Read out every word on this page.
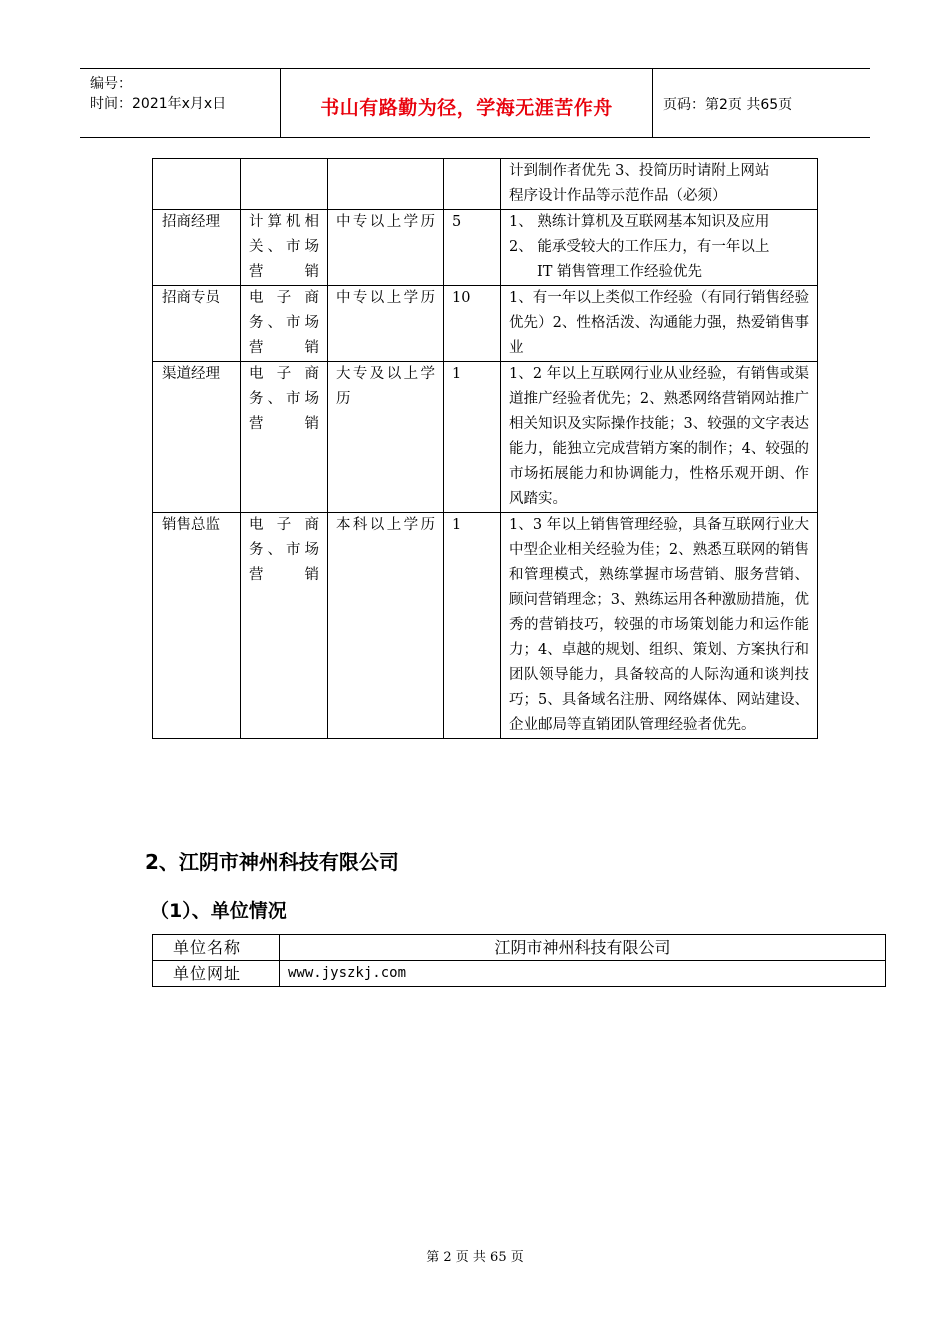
编号：
时间：2021年x月x日	书山有路勤为径，学海无涯苦作舟	页码：第2页 共65页

				计到制作者优先 3、投简历时请附上网站
程序设计作品等示范作品（必须）

招商经理	计算机相关、市场营销	中专以上学历	5	1、 熟练计算机及互联网基本知识及应用
2、 能承受较大的工作压力，有一年以上
IT 销售管理工作经验优先

招商专员	电子商务、市场营销	中专以上学历	10	1、有一年以上类似工作经验（有同行销售经验优先）2、性格活泼、沟通能力强，热爱销售事业

渠道经理	电子商务、市场营销	大专及以上学历	1	1、2 年以上互联网行业从业经验，有销售或渠道推广经验者优先；2、熟悉网络营销网站推广相关知识及实际操作技能；3、较强的文字表达能力，能独立完成营销方案的制作；4、较强的市场拓展能力和协调能力，性格乐观开朗、作风踏实。

销售总监	电子商务、市场营销	本科以上学历	1	1、3 年以上销售管理经验，具备互联网行业大中型企业相关经验为佳；2、熟悉互联网的销售和管理模式，熟练掌握市场营销、服务营销、顾问营销理念；3、熟练运用各种激励措施，优秀的营销技巧，较强的市场策划能力和运作能力；4、卓越的规划、组织、策划、方案执行和团队领导能力，具备较高的人际沟通和谈判技巧；5、具备域名注册、网络媒体、网站建设、企业邮局等直销团队管理经验者优先。
2、江阴市神州科技有限公司
（1）、单位情况
单位名称	江阴市神州科技有限公司
单位网址	www.jyszkj.com
第 2 页 共 65 页
